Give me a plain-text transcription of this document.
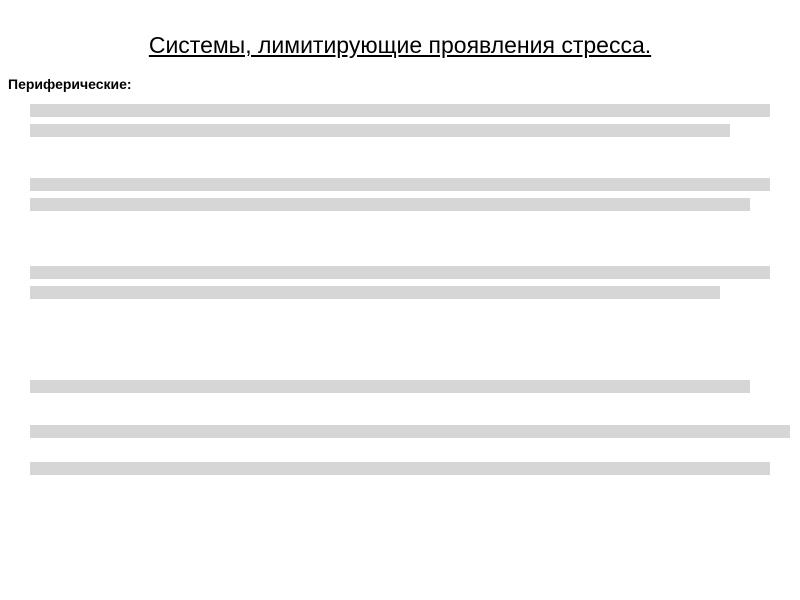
Системы, лимитирующие проявления стресса.
Периферические:
